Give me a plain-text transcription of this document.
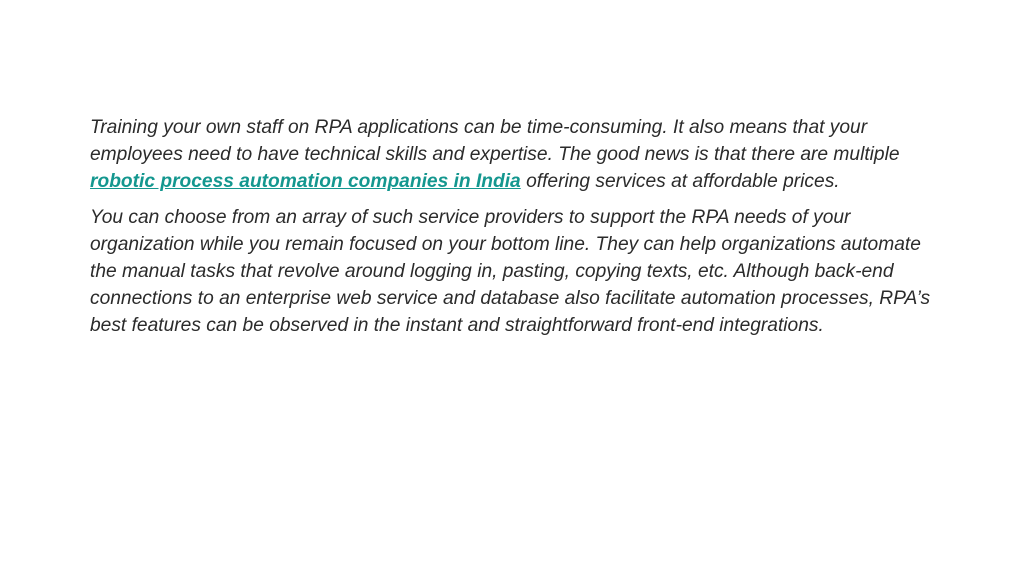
Training your own staff on RPA applications can be time-consuming. It also means that your employees need to have technical skills and expertise. The good news is that there are multiple robotic process automation companies in India offering services at affordable prices.

You can choose from an array of such service providers to support the RPA needs of your organization while you remain focused on your bottom line. They can help organizations automate the manual tasks that revolve around logging in, pasting, copying texts, etc. Although back-end connections to an enterprise web service and database also facilitate automation processes, RPA’s best features can be observed in the instant and straightforward front-end integrations.
